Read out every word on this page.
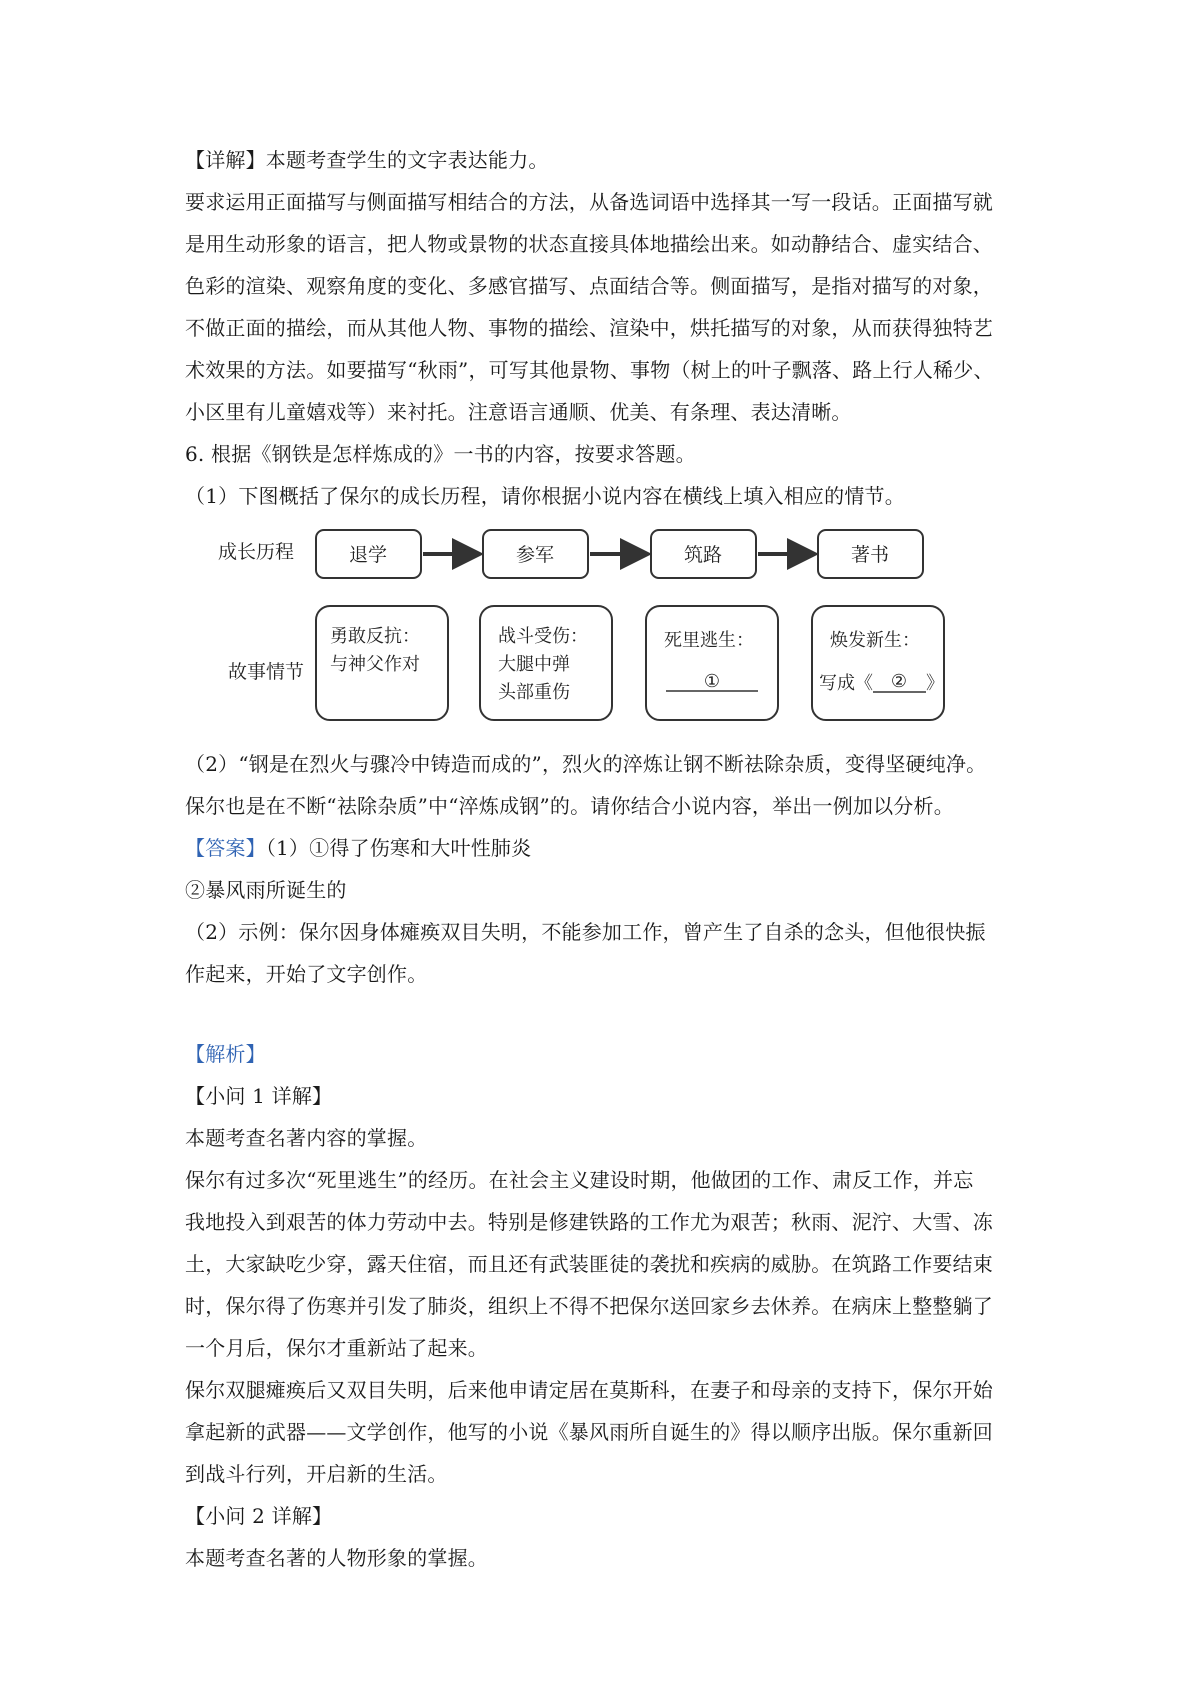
【详解】本题考查学生的文字表达能力。
要求运用正面描写与侧面描写相结合的方法，从备选词语中选择其一写一段话。正面描写就
是用生动形象的语言，把人物或景物的状态直接具体地描绘出来。如动静结合、虚实结合、
色彩的渲染、观察角度的变化、多感官描写、点面结合等。侧面描写，是指对描写的对象，
不做正面的描绘，而从其他人物、事物的描绘、渲染中，烘托描写的对象，从而获得独特艺
术效果的方法。如要描写“秋雨”，可写其他景物、事物（树上的叶子飘落、路上行人稀少、
小区里有儿童嬉戏等）来衬托。注意语言通顺、优美、有条理、表达清晰。
6. 根据《钢铁是怎样炼成的》一书的内容，按要求答题。
（1）下图概括了保尔的成长历程，请你根据小说内容在横线上填入相应的情节。
成长历程
故事情节
退学	参军	筑路	著书
勇敢反抗：
与神父作对
战斗受伤：
大腿中弹
头部重伤
死里逃生：
①
焕发新生：
写成《 ② 》
（2）“钢是在烈火与骤冷中铸造而成的”，烈火的淬炼让钢不断祛除杂质，变得坚硬纯净。
保尔也是在不断“祛除杂质”中“淬炼成钢”的。请你结合小说内容，举出一例加以分析。
【答案】（1）①得了伤寒和大叶性肺炎
②暴风雨所诞生的
（2）示例：保尔因身体瘫痪双目失明，不能参加工作，曾产生了自杀的念头，但他很快振
作起来，开始了文字创作。
【解析】
【小问 1 详解】
本题考查名著内容的掌握。
保尔有过多次“死里逃生”的经历。在社会主义建设时期，他做团的工作、肃反工作，并忘
我地投入到艰苦的体力劳动中去。特别是修建铁路的工作尤为艰苦；秋雨、泥泞、大雪、冻
土，大家缺吃少穿，露天住宿，而且还有武装匪徒的袭扰和疾病的威胁。在筑路工作要结束
时，保尔得了伤寒并引发了肺炎，组织上不得不把保尔送回家乡去休养。在病床上整整躺了
一个月后，保尔才重新站了起来。
保尔双腿瘫痪后又双目失明，后来他申请定居在莫斯科，在妻子和母亲的支持下，保尔开始
拿起新的武器——文学创作，他写的小说《暴风雨所自诞生的》得以顺序出版。保尔重新回
到战斗行列，开启新的生活。
【小问 2 详解】
本题考查名著的人物形象的掌握。
